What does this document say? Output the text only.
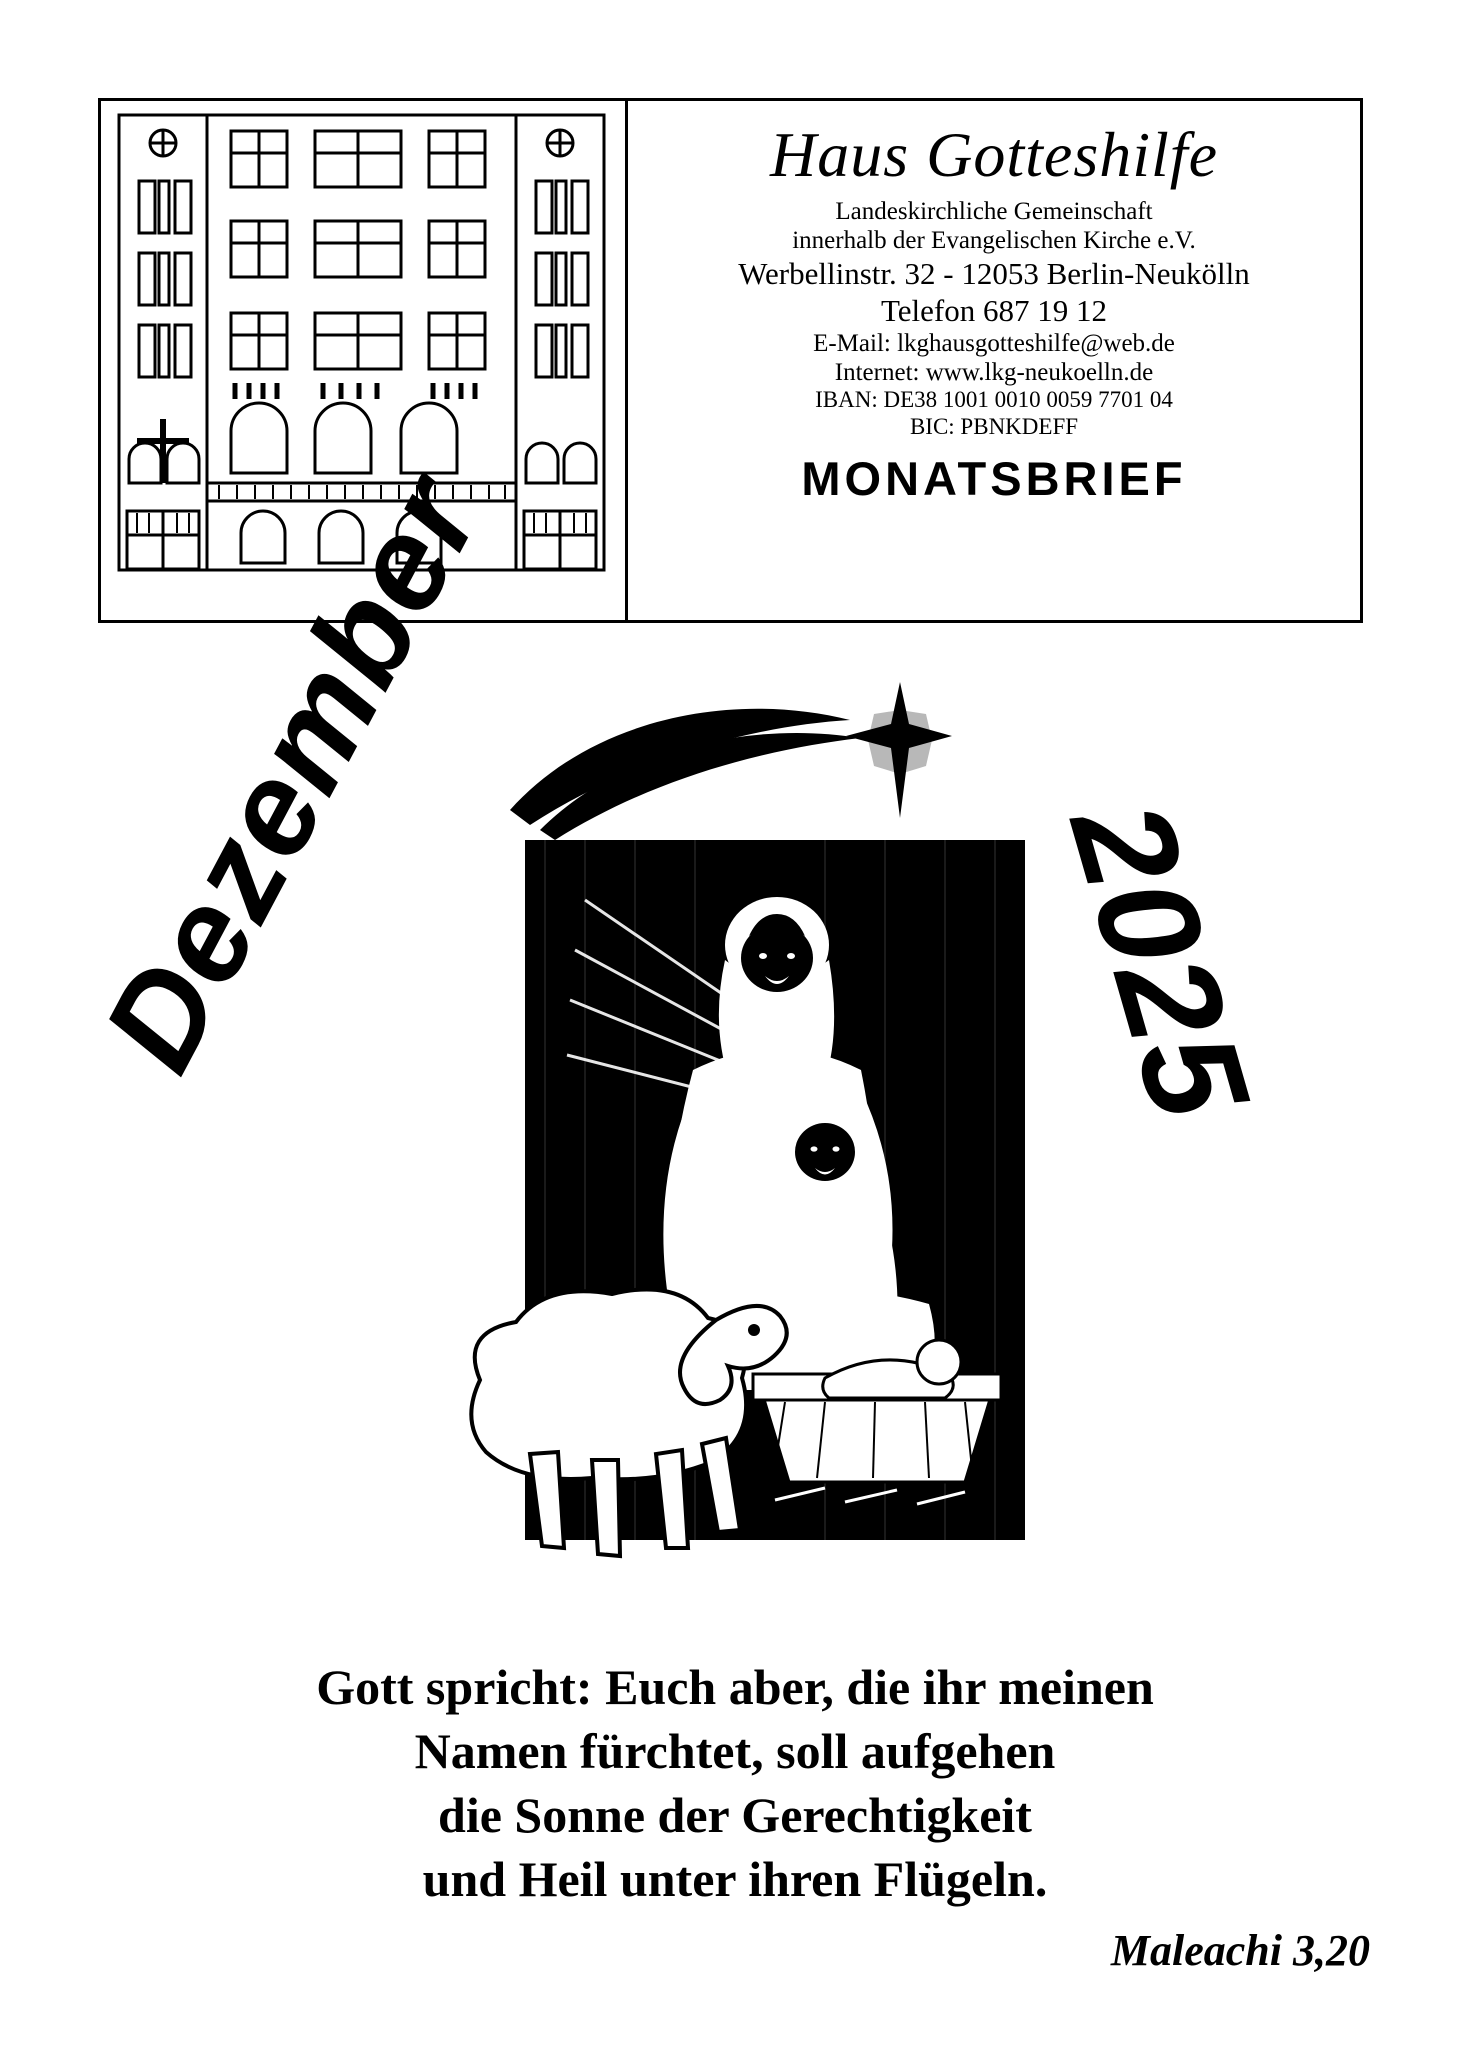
Haus Gotteshilfe
Landeskirchliche Gemeinschaft
innerhalb der Evangelischen Kirche e.V.
Werbellinstr. 32 - 12053 Berlin-Neukölln
Telefon 687 19 12
E-Mail: lkghausgotteshilfe@web.de
Internet: www.lkg-neukoelln.de
IBAN: DE38 1001 0010 0059 7701 04
BIC: PBNKDEFF
MONATSBRIEF
Dezember	2025
Gott spricht: Euch aber, die ihr meinen
Namen fürchtet, soll aufgehen
die Sonne der Gerechtigkeit
und Heil unter ihren Flügeln.
Maleachi 3,20
